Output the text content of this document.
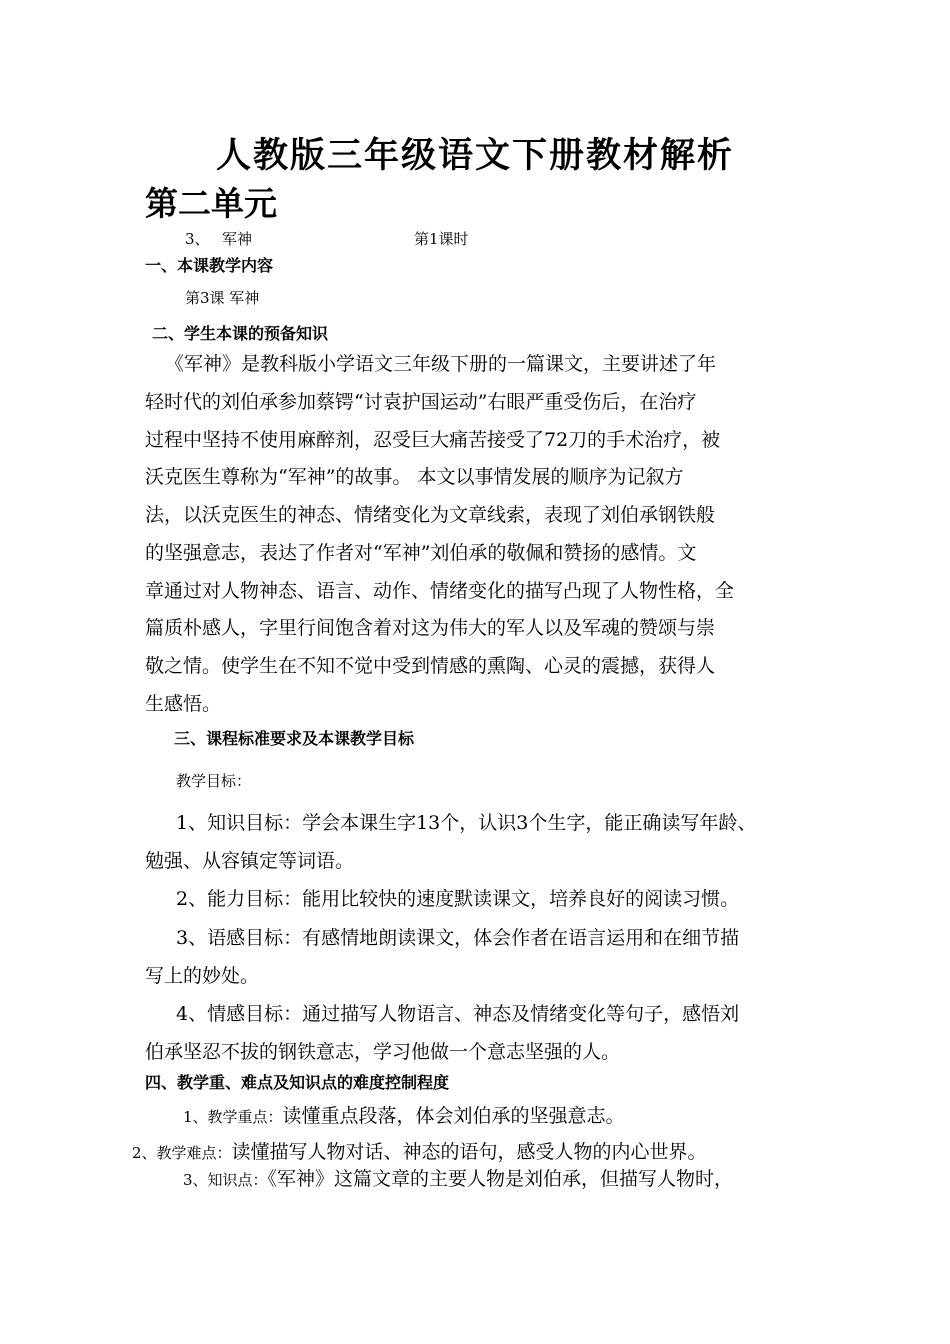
人教版三年级语文下册教材解析
第二单元
3、 军神	第1课时
一、本课教学内容
第3课 军神
二、学生本课的预备知识
《军神》是教科版小学语文三年级下册的一篇课文，主要讲述了年
轻时代的刘伯承参加蔡锷“讨袁护国运动”右眼严重受伤后，在治疗
过程中坚持不使用麻醉剂，忍受巨大痛苦接受了72刀的手术治疗，被
沃克医生尊称为“军神”的故事。 本文以事情发展的顺序为记叙方
法，以沃克医生的神态、情绪变化为文章线索，表现了刘伯承钢铁般
的坚强意志，表达了作者对“军神”刘伯承的敬佩和赞扬的感情。文
章通过对人物神态、语言、动作、情绪变化的描写凸现了人物性格，全
篇质朴感人，字里行间饱含着对这为伟大的军人以及军魂的赞颂与崇
敬之情。使学生在不知不觉中受到情感的熏陶、心灵的震撼，获得人
生感悟。
三、课程标准要求及本课教学目标
教学目标：
1、知识目标：学会本课生字13个，认识3个生字，能正确读写年龄、
勉强、从容镇定等词语。
2、能力目标：能用比较快的速度默读课文，培养良好的阅读习惯。
3、语感目标：有感情地朗读课文，体会作者在语言运用和在细节描
写上的妙处。
4、情感目标：通过描写人物语言、神态及情绪变化等句子，感悟刘
伯承坚忍不拔的钢铁意志，学习他做一个意志坚强的人。
四、教学重、难点及知识点的难度控制程度
1、教学重点：读懂重点段落，体会刘伯承的坚强意志。
2、教学难点：读懂描写人物对话、神态的语句，感受人物的内心世界。
3、知识点：《军神》这篇文章的主要人物是刘伯承，但描写人物时，
